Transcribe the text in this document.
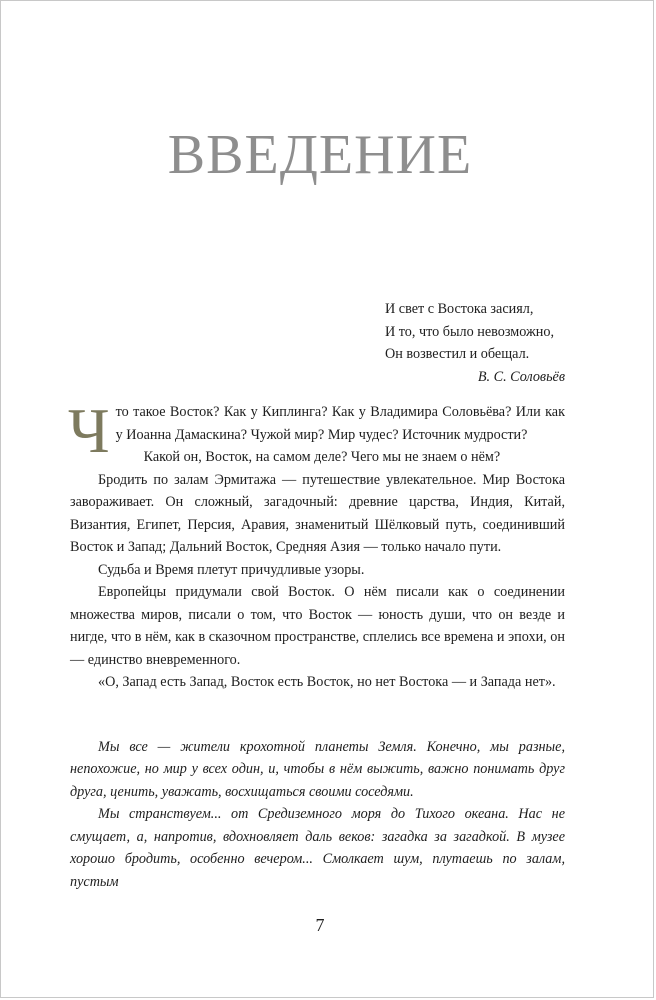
ВВЕДЕНИЕ
И свет с Востока засиял,
И то, что было невозможно,
Он возвестил и обещал.
В. С. Соловьёв

Что такое Восток? Как у Киплинга? Как у Владимира Соловьёва? Или как у Иоанна Дамаскина? Чужой мир? Мир чудес? Источник мудрости?

Какой он, Восток, на самом деле? Чего мы не знаем о нём?

Бродить по залам Эрмитажа — путешествие увлекательное. Мир Востока завораживает. Он сложный, загадочный: древние царства, Индия, Китай, Византия, Египет, Персия, Аравия, знаменитый Шёлковый путь, соединивший Восток и Запад; Дальний Восток, Средняя Азия — только начало пути.

Судьба и Время плетут причудливые узоры.

Европейцы придумали свой Восток. О нём писали как о соединении множества миров, писали о том, что Восток — юность души, что он везде и нигде, что в нём, как в сказочном пространстве, сплелись все времена и эпохи, он — единство вневременного.

«О, Запад есть Запад, Восток есть Восток, но нет Востока — и Запада нет».

Мы все — жители крохотной планеты Земля. Конечно, мы разные, непохожие, но мир у всех один, и, чтобы в нём выжить, важно понимать друг друга, ценить, уважать, восхищаться своими соседями.

Мы странствуем... от Средиземного моря до Тихого океана. Нас не смущает, а, напротив, вдохновляет даль веков: загадка за загадкой. В музее хорошо бродить, особенно вечером... Смолкает шум, плутаешь по залам, пустым

7
